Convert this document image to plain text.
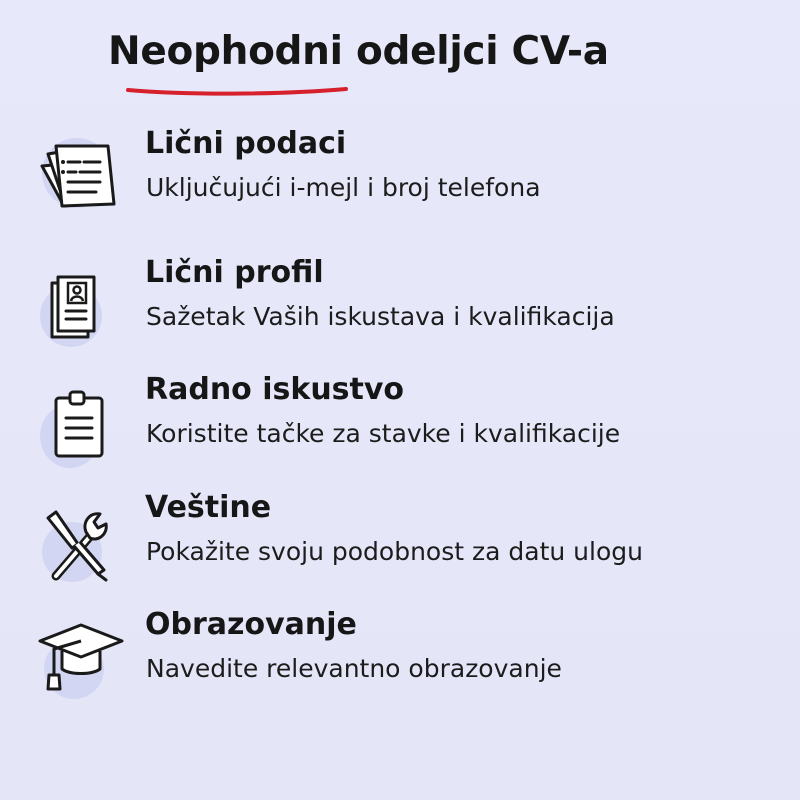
Neophodni odeljci CV-a
Lični podaci

Uključujući i-mejl i broj telefona

Lični profil

Sažetak Vaših iskustava i kvalifikacija

Radno iskustvo

Koristite tačke za stavke i kvalifikacije

Veštine

Pokažite svoju podobnost za datu ulogu

Obrazovanje

Navedite relevantno obrazovanje
